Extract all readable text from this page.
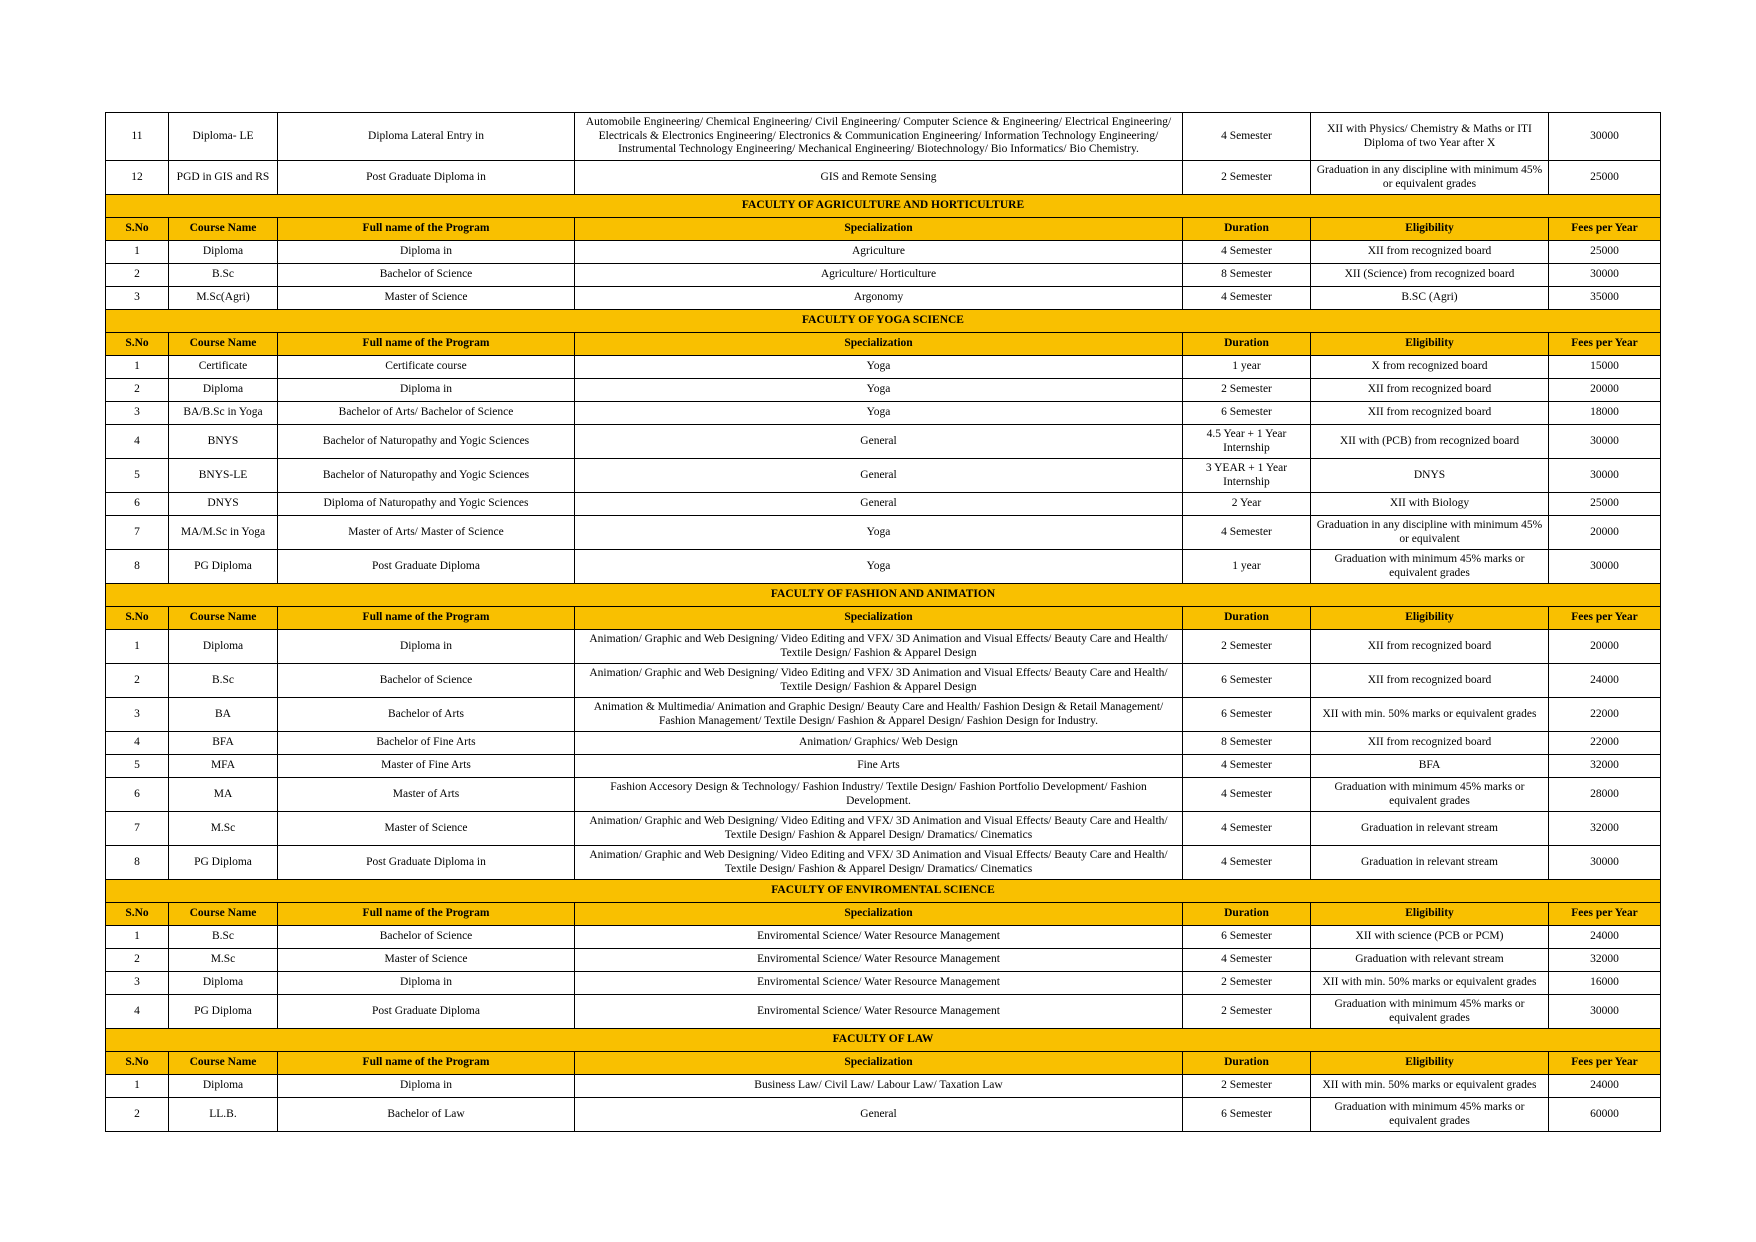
11	Diploma- LE	Diploma Lateral Entry in	Automobile Engineering/ Chemical Engineering/ Civil Engineering/ Computer Science & Engineering/ Electrical Engineering/ Electricals & Electronics Engineering/ Electronics & Communication Engineering/ Information Technology Engineering/ Instrumental Technology Engineering/ Mechanical Engineering/ Biotechnology/ Bio Informatics/ Bio Chemistry.	4 Semester	XII with Physics/ Chemistry & Maths or ITI Diploma of two Year after X	30000
12	PGD in GIS and RS	Post Graduate Diploma in	GIS and Remote Sensing	2 Semester	Graduation in any discipline with minimum 45% or equivalent grades	25000
FACULTY OF AGRICULTURE AND HORTICULTURE						
S.No	Course Name	Full name of the Program	Specialization	Duration	Eligibility	Fees per Year
1	Diploma	Diploma in	Agriculture	4 Semester	XII from recognized board	25000
2	B.Sc	Bachelor of Science	Agriculture/ Horticulture	8 Semester	XII (Science) from recognized board	30000
3	M.Sc(Agri)	Master of Science	Argonomy	4 Semester	B.SC (Agri)	35000
FACULTY OF YOGA SCIENCE						
S.No	Course Name	Full name of the Program	Specialization	Duration	Eligibility	Fees per Year
1	Certificate	Certificate course	Yoga	1 year	X from recognized board	15000
2	Diploma	Diploma in	Yoga	2 Semester	XII from recognized board	20000
3	BA/B.Sc in Yoga	Bachelor of Arts/ Bachelor of Science	Yoga	6 Semester	XII from recognized board	18000
4	BNYS	Bachelor of Naturopathy and Yogic Sciences	General	4.5 Year + 1 Year Internship	XII with (PCB) from recognized board	30000
5	BNYS-LE	Bachelor of Naturopathy and Yogic Sciences	General	3 YEAR + 1 Year Internship	DNYS	30000
6	DNYS	Diploma of Naturopathy and Yogic Sciences	General	2 Year	XII with Biology	25000
7	MA/M.Sc in Yoga	Master of Arts/ Master of Science	Yoga	4 Semester	Graduation in any discipline with minimum 45% or equivalent	20000
8	PG Diploma	Post Graduate Diploma	Yoga	1 year	Graduation with minimum 45% marks or equivalent grades	30000
FACULTY OF FASHION AND ANIMATION						
S.No	Course Name	Full name of the Program	Specialization	Duration	Eligibility	Fees per Year
1	Diploma	Diploma in	Animation/ Graphic and Web Designing/ Video Editing and VFX/ 3D Animation and Visual Effects/ Beauty Care and Health/ Textile Design/ Fashion & Apparel Design	2 Semester	XII from recognized board	20000
2	B.Sc	Bachelor of Science	Animation/ Graphic and Web Designing/ Video Editing and VFX/ 3D Animation and Visual Effects/ Beauty Care and Health/ Textile Design/ Fashion & Apparel Design	6 Semester	XII from recognized board	24000
3	BA	Bachelor of Arts	Animation & Multimedia/ Animation and Graphic Design/ Beauty Care and Health/ Fashion Design & Retail Management/ Fashion Management/ Textile Design/ Fashion & Apparel Design/ Fashion Design for Industry.	6 Semester	XII with min. 50% marks or equivalent grades	22000
4	BFA	Bachelor of Fine Arts	Animation/ Graphics/ Web Design	8 Semester	XII from recognized board	22000
5	MFA	Master of Fine Arts	Fine Arts	4 Semester	BFA	32000
6	MA	Master of Arts	Fashion Accesory Design & Technology/ Fashion Industry/ Textile Design/ Fashion Portfolio Development/ Fashion Development.	4 Semester	Graduation with minimum 45% marks or equivalent grades	28000
7	M.Sc	Master of Science	Animation/ Graphic and Web Designing/ Video Editing and VFX/ 3D Animation and Visual Effects/ Beauty Care and Health/ Textile Design/ Fashion & Apparel Design/ Dramatics/ Cinematics	4 Semester	Graduation in relevant stream	32000
8	PG Diploma	Post Graduate Diploma in	Animation/ Graphic and Web Designing/ Video Editing and VFX/ 3D Animation and Visual Effects/ Beauty Care and Health/ Textile Design/ Fashion & Apparel Design/ Dramatics/ Cinematics	4 Semester	Graduation in relevant stream	30000
FACULTY OF ENVIROMENTAL SCIENCE						
S.No	Course Name	Full name of the Program	Specialization	Duration	Eligibility	Fees per Year
1	B.Sc	Bachelor of Science	Enviromental Science/ Water Resource Management	6 Semester	XII with science (PCB or PCM)	24000
2	M.Sc	Master of Science	Enviromental Science/ Water Resource Management	4 Semester	Graduation with relevant stream	32000
3	Diploma	Diploma in	Enviromental Science/ Water Resource Management	2 Semester	XII with min. 50% marks or equivalent grades	16000
4	PG Diploma	Post Graduate Diploma	Enviromental Science/ Water Resource Management	2 Semester	Graduation with minimum 45% marks or equivalent grades	30000
FACULTY OF LAW						
S.No	Course Name	Full name of the Program	Specialization	Duration	Eligibility	Fees per Year
1	Diploma	Diploma in	Business Law/ Civil Law/ Labour Law/ Taxation Law	2 Semester	XII with min. 50% marks or equivalent grades	24000
2	LL.B.	Bachelor of Law	General	6 Semester	Graduation with minimum 45% marks or equivalent grades	60000
